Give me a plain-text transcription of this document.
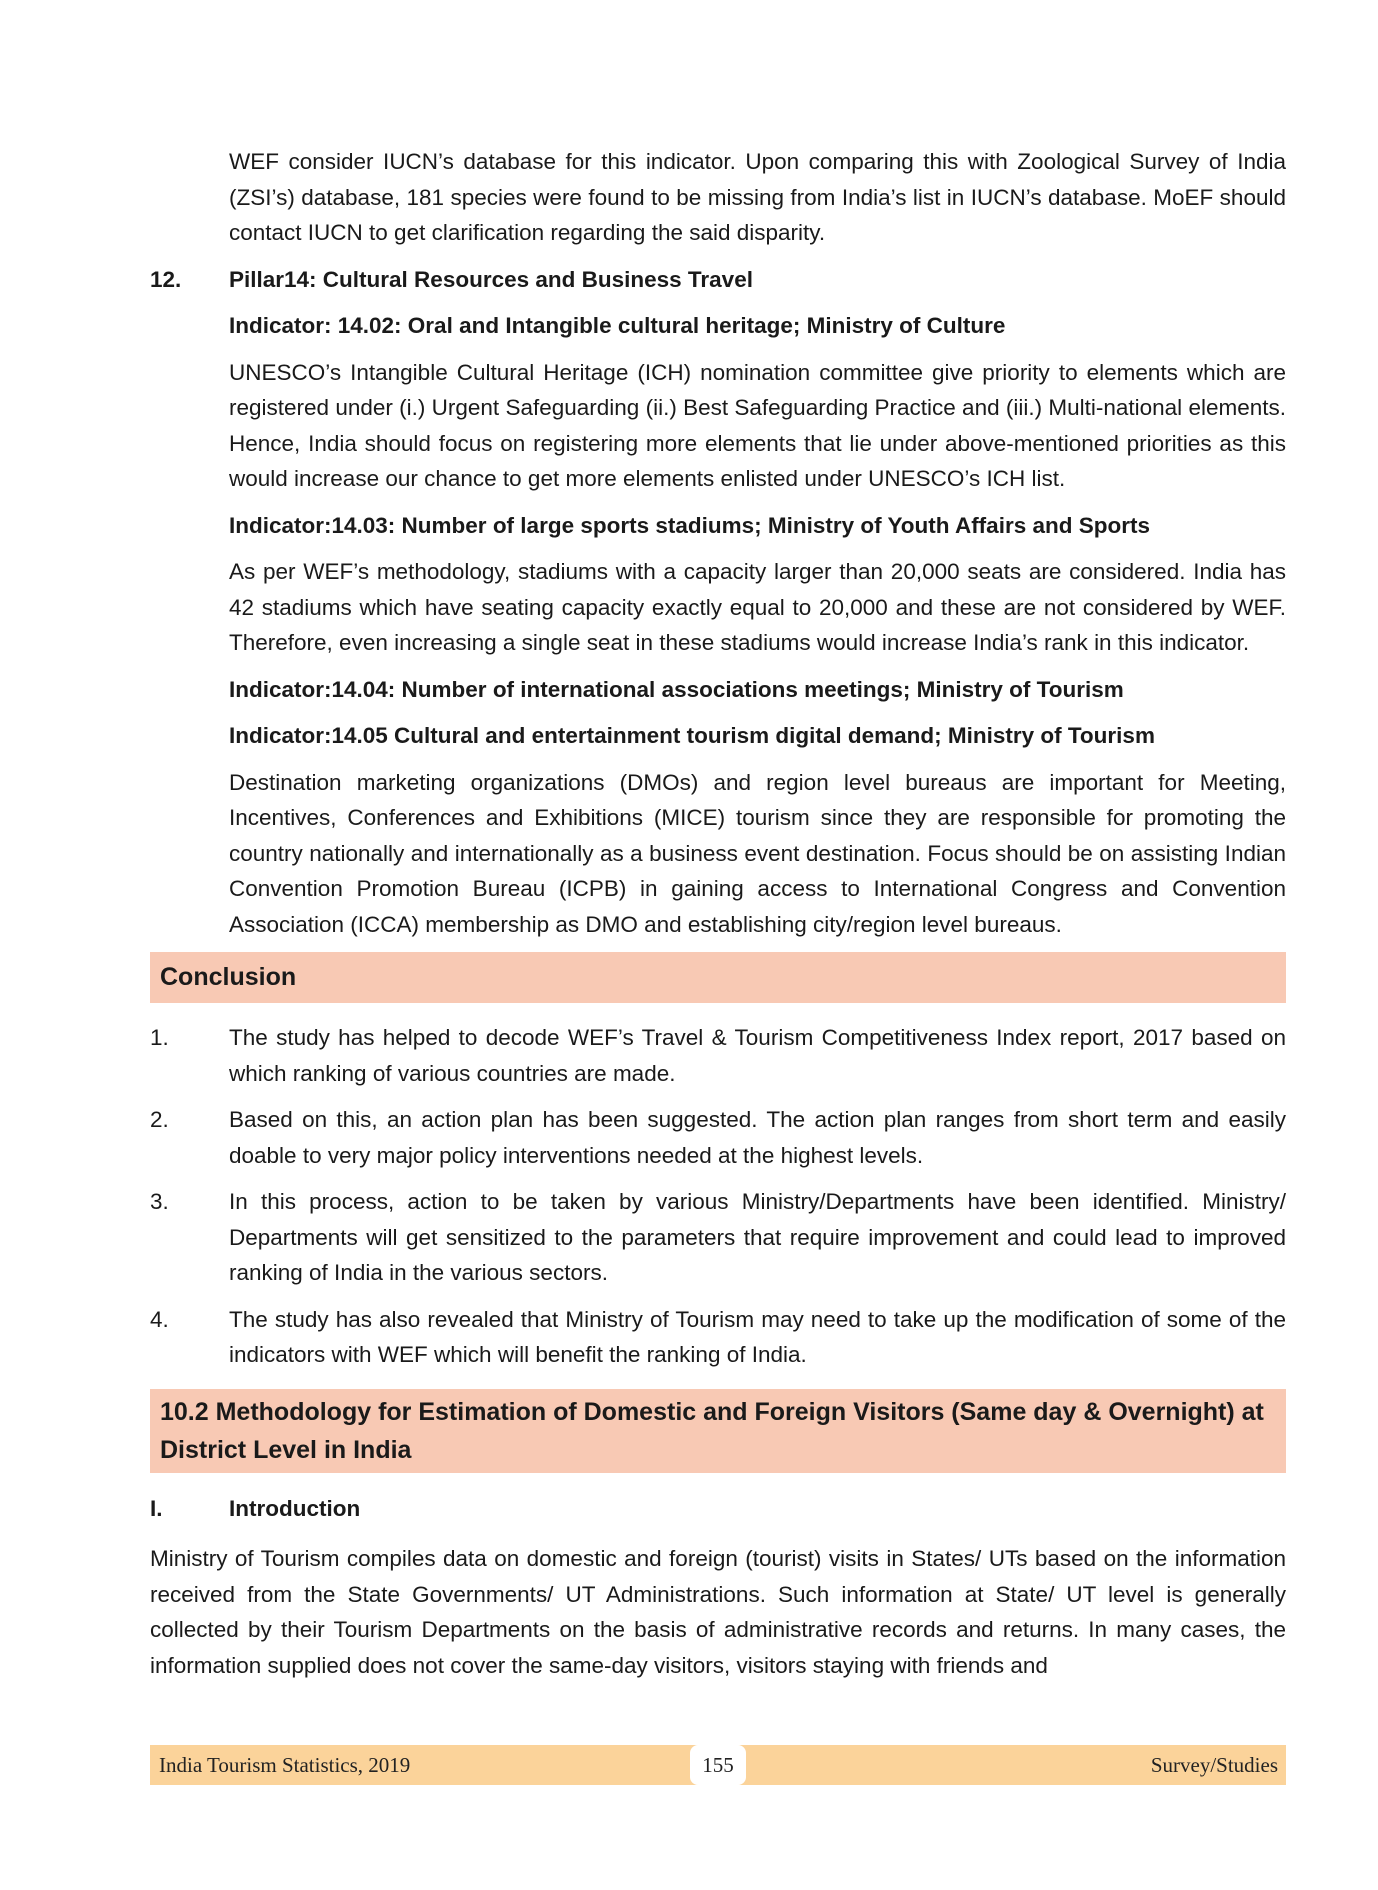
WEF consider IUCN’s database for this indicator. Upon comparing this with Zoological Survey of India (ZSI’s) database, 181 species were found to be missing from India’s list in IUCN’s database. MoEF should contact IUCN to get clarification regarding the said disparity.

12.	Pillar14: Cultural Resources and Business Travel

Indicator: 14.02: Oral and Intangible cultural heritage; Ministry of Culture

UNESCO’s Intangible Cultural Heritage (ICH) nomination committee give priority to elements which are registered under (i.) Urgent Safeguarding (ii.) Best Safeguarding Practice and (iii.) Multi-national elements. Hence, India should focus on registering more elements that lie under above-mentioned priorities as this would increase our chance to get more elements enlisted under UNESCO’s ICH list.

Indicator:14.03: Number of large sports stadiums; Ministry of Youth Affairs and Sports

As per WEF’s methodology, stadiums with a capacity larger than 20,000 seats are considered. India has 42 stadiums which have seating capacity exactly equal to 20,000 and these are not considered by WEF. Therefore, even increasing a single seat in these stadiums would increase India’s rank in this indicator.

Indicator:14.04: Number of international associations meetings; Ministry of Tourism

Indicator:14.05 Cultural and entertainment tourism digital demand; Ministry of Tourism

Destination marketing organizations (DMOs) and region level bureaus are important for Meeting, Incentives, Conferences and Exhibitions (MICE) tourism since they are responsible for promoting the country nationally and internationally as a business event destination. Focus should be on assisting Indian Convention Promotion Bureau (ICPB) in gaining access to International Congress and Convention Association (ICCA) membership as DMO and establishing city/region level bureaus.

Conclusion
1.	The study has helped to decode WEF’s Travel & Tourism Competitiveness Index report, 2017 based on which ranking of various countries are made.

2.	Based on this, an action plan has been suggested. The action plan ranges from short term and easily doable to very major policy interventions needed at the highest levels.

3.	In this process, action to be taken by various Ministry/Departments have been identified. Ministry/ Departments will get sensitized to the parameters that require improvement and could lead to improved ranking of India in the various sectors.

4.	The study has also revealed that Ministry of Tourism may need to take up the modification of some of the indicators with WEF which will benefit the ranking of India.

10.2 Methodology for Estimation of Domestic and Foreign Visitors (Same day & Overnight) at District Level in India
I.	Introduction

Ministry of Tourism compiles data on domestic and foreign (tourist) visits in States/ UTs based on the information received from the State Governments/ UT Administrations. Such information at State/ UT level is generally collected by their Tourism Departments on the basis of administrative records and returns. In many cases, the information supplied does not cover the same-day visitors, visitors staying with friends and

India Tourism Statistics, 2019	155	Survey/Studies
